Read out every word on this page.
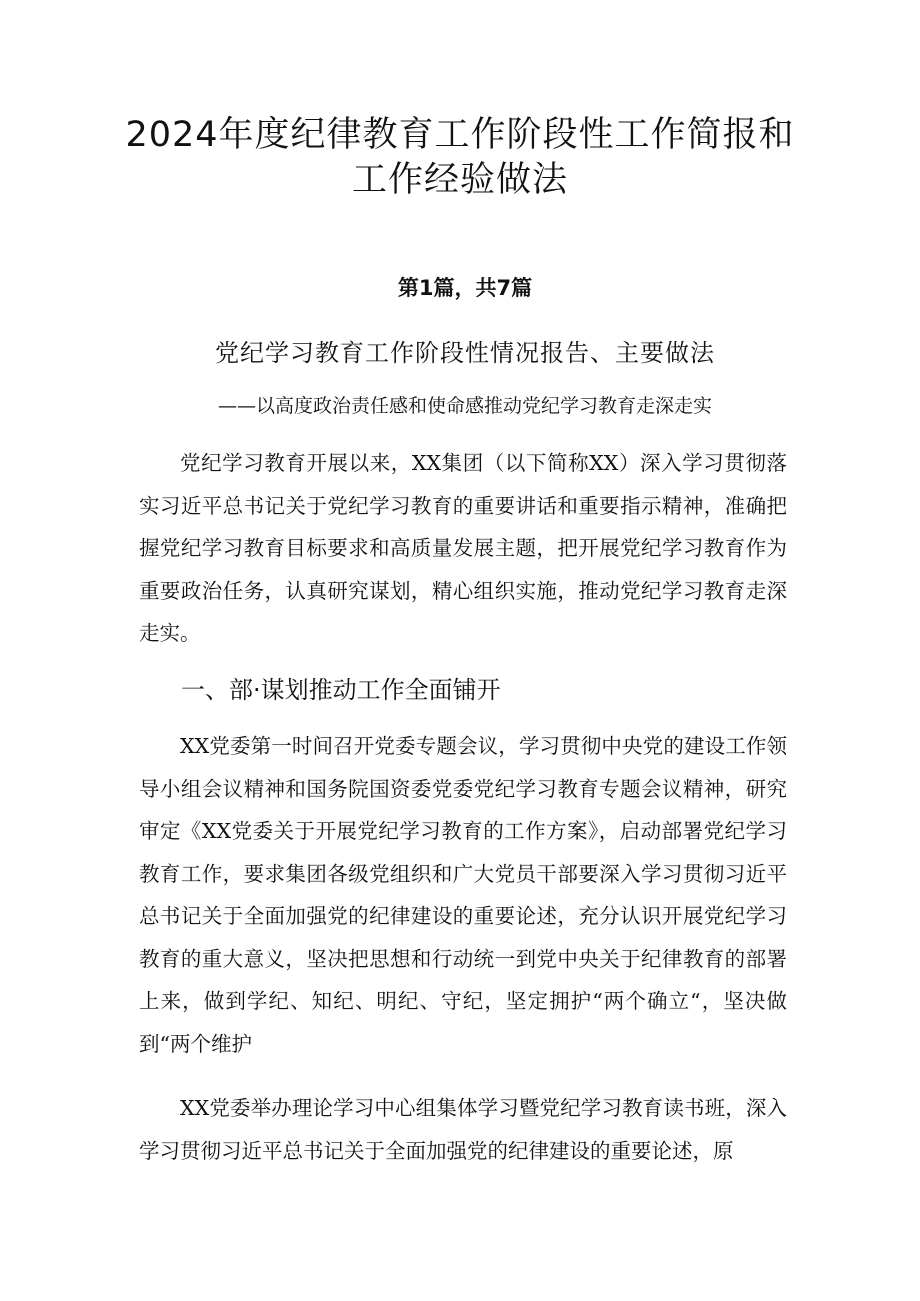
2024年度纪律教育工作阶段性工作简报和
工作经验做法
第1篇，共7篇
党纪学习教育工作阶段性情况报告、主要做法
——以高度政治责任感和使命感推动党纪学习教育走深走实

党纪学习教育开展以来，XX集团（以下简称XX）深入学习贯彻落实习近平总书记关于党纪学习教育的重要讲话和重要指示精神，准确把握党纪学习教育目标要求和高质量发展主题，把开展党纪学习教育作为重要政治任务，认真研究谋划，精心组织实施，推动党纪学习教育走深走实。

一、部·谋划推动工作全面铺开

XX党委第一时间召开党委专题会议，学习贯彻中央党的建设工作领导小组会议精神和国务院国资委党委党纪学习教育专题会议精神，研究审定《XX党委关于开展党纪学习教育的工作方案》，启动部署党纪学习教育工作，要求集团各级党组织和广大党员干部要深入学习贯彻习近平总书记关于全面加强党的纪律建设的重要论述，充分认识开展党纪学习教育的重大意义，坚决把思想和行动统一到党中央关于纪律教育的部署上来，做到学纪、知纪、明纪、守纪，坚定拥护“两个确立“，坚决做到“两个维护

XX党委举办理论学习中心组集体学习暨党纪学习教育读书班，深入学习贯彻习近平总书记关于全面加强党的纪律建设的重要论述，原
